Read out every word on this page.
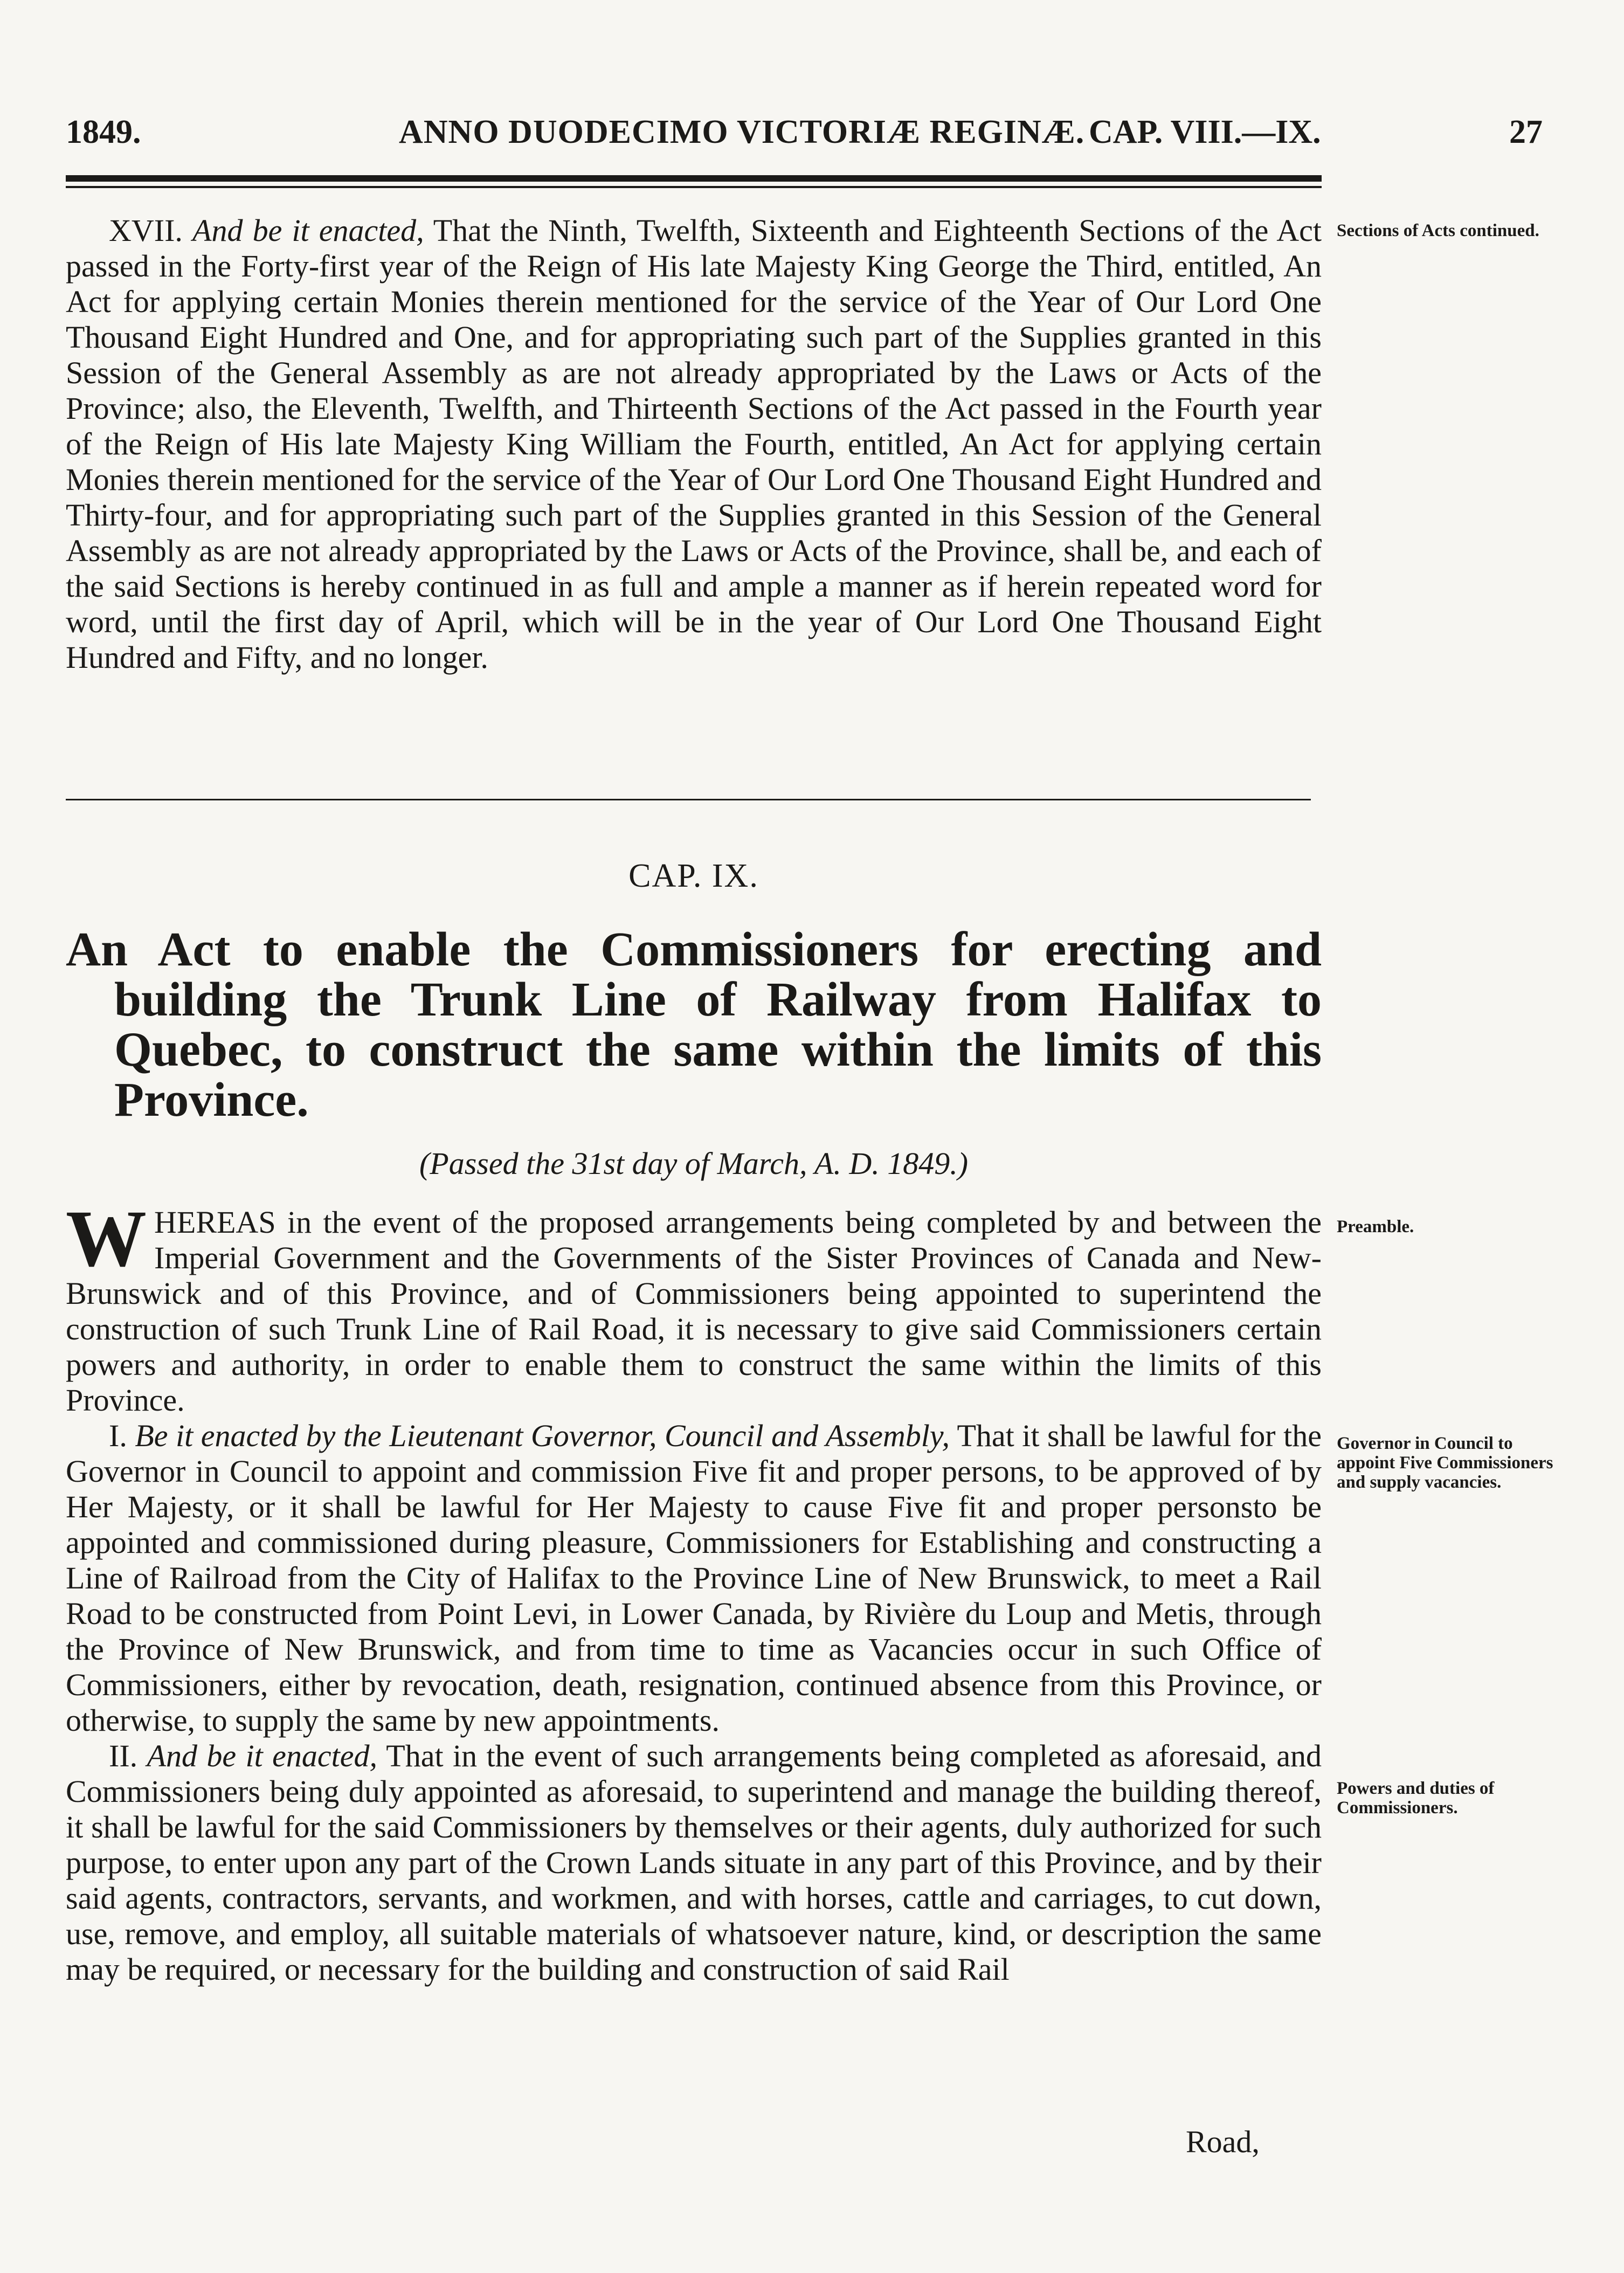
1849.	ANNO DUODECIMO VICTORIÆ REGINÆ. CAP. VIII.—IX.	27

XVII. And be it enacted, That the Ninth, Twelfth, Sixteenth and Eighteenth Sections of the Act passed in the Forty-first year of the Reign of His late Majesty King George the Third, entitled, An Act for applying certain Monies therein mentioned for the service of the Year of Our Lord One Thousand Eight Hundred and One, and for appropriating such part of the Supplies granted in this Session of the General Assembly as are not already appropriated by the Laws or Acts of the Province; also, the Eleventh, Twelfth, and Thirteenth Sections of the Act passed in the Fourth year of the Reign of His late Majesty King William the Fourth, entitled, An Act for applying certain Monies therein mentioned for the service of the Year of Our Lord One Thousand Eight Hundred and Thirty-four, and for appropriating such part of the Supplies granted in this Session of the General Assembly as are not already appropriated by the Laws or Acts of the Province, shall be, and each of the said Sections is hereby continued in as full and ample a manner as if herein repeated word for word, until the first day of April, which will be in the year of Our Lord One Thousand Eight Hundred and Fifty, and no longer.

Sections of Acts continued.
CAP. IX.
An Act to enable the Commissioners for erecting and building the Trunk Line of Railway from Halifax to Quebec, to construct the same within the limits of this Province.
(Passed the 31st day of March, A. D. 1849.)

W HEREAS in the event of the proposed arrangements being completed by and between the Imperial Government and the Governments of the Sister Provinces of Canada and New-Brunswick and of this Province, and of Commissioners being appointed to superintend the construction of such Trunk Line of Rail Road, it is necessary to give said Commissioners certain powers and authority, in order to enable them to construct the same within the limits of this Province.

I. Be it enacted by the Lieutenant Governor, Council and Assembly, That it shall be lawful for the Governor in Council to appoint and commission Five fit and proper persons, to be approved of by Her Majesty, or it shall be lawful for Her Majesty to cause Five fit and proper personsto be appointed and commissioned during pleasure, Commissioners for Establishing and constructing a Line of Railroad from the City of Halifax to the Province Line of New Brunswick, to meet a Rail Road to be constructed from Point Levi, in Lower Canada, by Rivière du Loup and Metis, through the Province of New Brunswick, and from time to time as Vacancies occur in such Office of Commissioners, either by revocation, death, resignation, continued absence from this Province, or otherwise, to supply the same by new appointments.

II. And be it enacted, That in the event of such arrangements being completed as aforesaid, and Commissioners being duly appointed as aforesaid, to superintend and manage the building thereof, it shall be lawful for the said Commissioners by themselves or their agents, duly authorized for such purpose, to enter upon any part of the Crown Lands situate in any part of this Province, and by their said agents, contractors, servants, and workmen, and with horses, cattle and carriages, to cut down, use, remove, and employ, all suitable materials of whatsoever nature, kind, or description the same may be required, or necessary for the building and construction of said Rail

Preamble.
Governor in Council to appoint Five Commissioners and supply vacancies.
Powers and duties of Commissioners.
Road,
